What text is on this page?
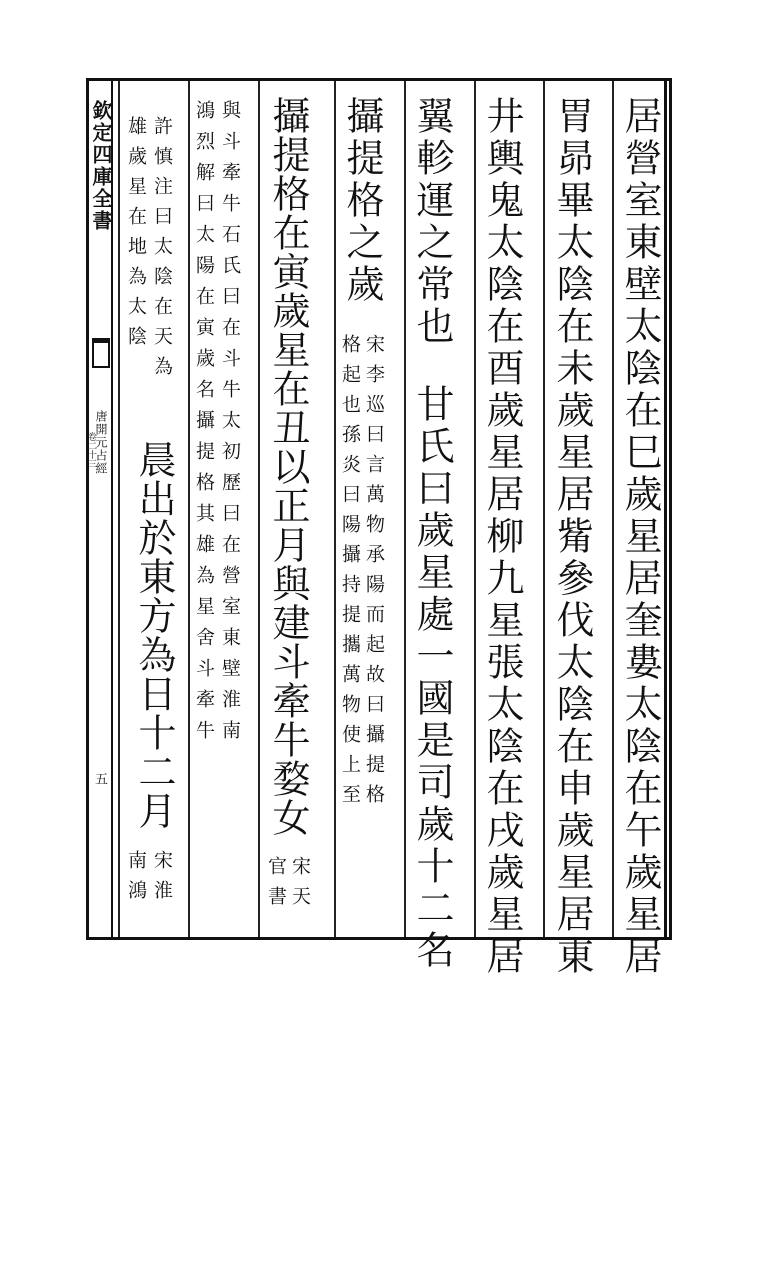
欽定四庫全書
唐開元占經
卷二十三
五	居營室東壁太陰在巳歲星居奎婁太陰在午歲星居
胃昴畢太陰在未歲星居觜參伐太陰在申歲星居東
井輿鬼太陰在酉歲星居柳九星張太陰在戌歲星居
翼軫運之常也
甘氏曰歲星處一國是司歲十二名
攝提格之歲
宋李巡曰言萬物承陽而起故曰攝提格
格起也孫炎曰陽攝持提攜萬物使上至
攝提格在寅歲星在丑以正月與建斗牽牛婺女
宋天
官書
與斗牽牛石氏曰在斗牛太初歷曰在營室東壁淮南
鴻烈解曰太陽在寅歲名攝提格其雄為星舍斗牽牛
許慎注曰太陰在天為
雄歲星在地為太陰
晨出於東方為日十二月
宋淮
南鴻
